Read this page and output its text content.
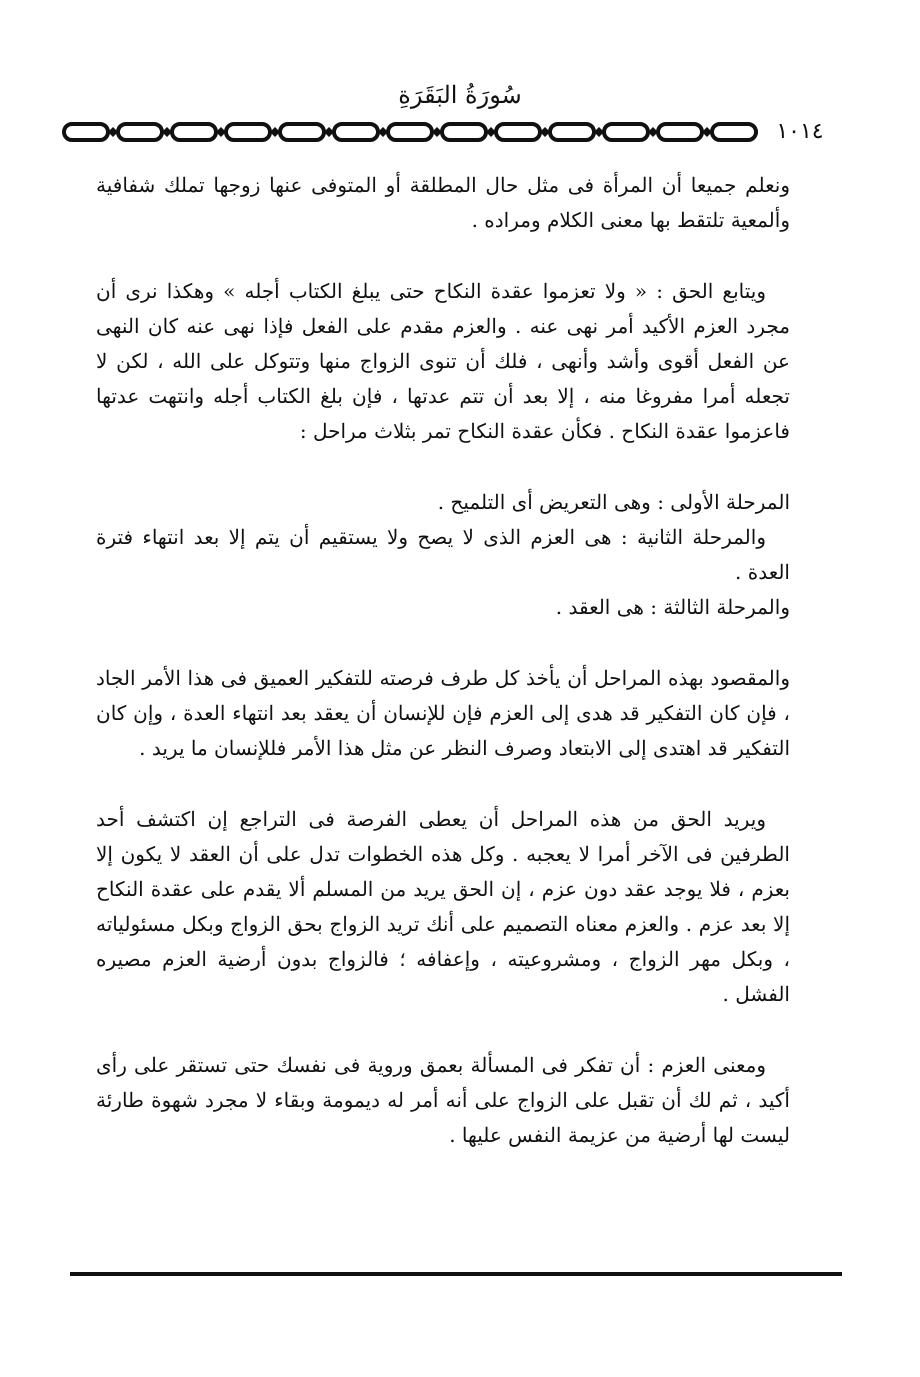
سُورَةُ البَقَرَةِ
١٠١٤

ونعلم جميعا أن المرأة فى مثل حال المطلقة أو المتوفى عنها زوجها تملك شفافية وألمعية تلتقط بها معنى الكلام ومراده .

ويتابع الحق : « ولا تعزموا عقدة النكاح حتى يبلغ الكتاب أجله » وهكذا نرى أن مجرد العزم الأكيد أمر نهى عنه . والعزم مقدم على الفعل فإذا نهى عنه كان النهى عن الفعل أقوى وأشد وأنهى ، فلك أن تنوى الزواج منها وتتوكل على الله ، لكن لا تجعله أمرا مفروغا منه ، إلا بعد أن تتم عدتها ، فإن بلغ الكتاب أجله وانتهت عدتها فاعزموا عقدة النكاح . فكأن عقدة النكاح تمر بثلاث مراحل :

المرحلة الأولى : وهى التعريض أى التلميح .

والمرحلة الثانية : هى العزم الذى لا يصح ولا يستقيم أن يتم إلا بعد انتهاء فترة العدة .

والمرحلة الثالثة : هى العقد .

والمقصود بهذه المراحل أن يأخذ كل طرف فرصته للتفكير العميق فى هذا الأمر الجاد ، فإن كان التفكير قد هدى إلى العزم فإن للإنسان أن يعقد بعد انتهاء العدة ، وإن كان التفكير قد اهتدى إلى الابتعاد وصرف النظر عن مثل هذا الأمر فللإنسان ما يريد .

ويريد الحق من هذه المراحل أن يعطى الفرصة فى التراجع إن اكتشف أحد الطرفين فى الآخر أمرا لا يعجبه . وكل هذه الخطوات تدل على أن العقد لا يكون إلا بعزم ، فلا يوجد عقد دون عزم ، إن الحق يريد من المسلم ألا يقدم على عقدة النكاح إلا بعد عزم . والعزم معناه التصميم على أنك تريد الزواج بحق الزواج وبكل مسئولياته ، وبكل مهر الزواج ، ومشروعيته ، وإعفافه ؛ فالزواج بدون أرضية العزم مصيره الفشل .

ومعنى العزم : أن تفكر فى المسألة بعمق وروية فى نفسك حتى تستقر على رأى أكيد ، ثم لك أن تقبل على الزواج على أنه أمر له ديمومة وبقاء لا مجرد شهوة طارئة ليست لها أرضية من عزيمة النفس عليها .
